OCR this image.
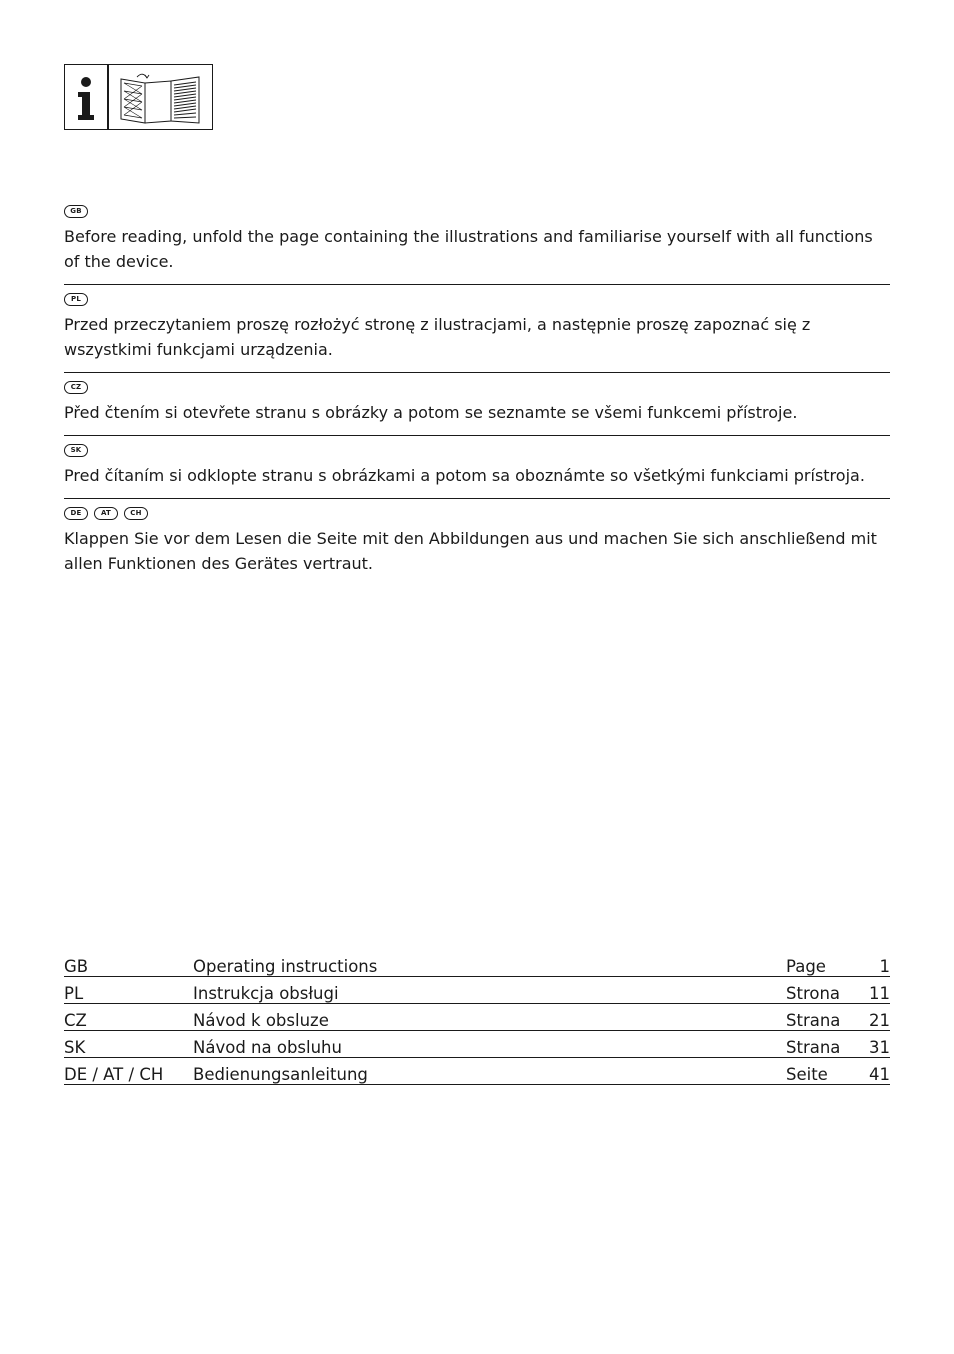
GB

Before reading, unfold the page containing the illustrations and familiarise yourself with all functions of the device.

PL

Przed przeczytaniem proszę rozłożyć stronę z ilustracjami, a następnie proszę zapoznać się z wszystkimi funkcjami urządzenia.

CZ

Před čtením si otevřete stranu s obrázky a potom se seznamte se všemi funkcemi přístroje.

SK

Pred čítaním si odklopte stranu s obrázkami a potom sa oboznámte so všetkými funkciami prístroja.

DE	AT	CH

Klappen Sie vor dem Lesen die Seite mit den Abbildungen aus und machen Sie sich anschließend mit allen Funktionen des Gerätes vertraut.

GB	Operating instructions	Page	1
PL	Instrukcja obsługi	Strona	11
CZ	Návod k obsluze	Strana	21
SK	Návod na obsluhu	Strana	31
DE / AT / CH	Bedienungsanleitung	Seite	41
